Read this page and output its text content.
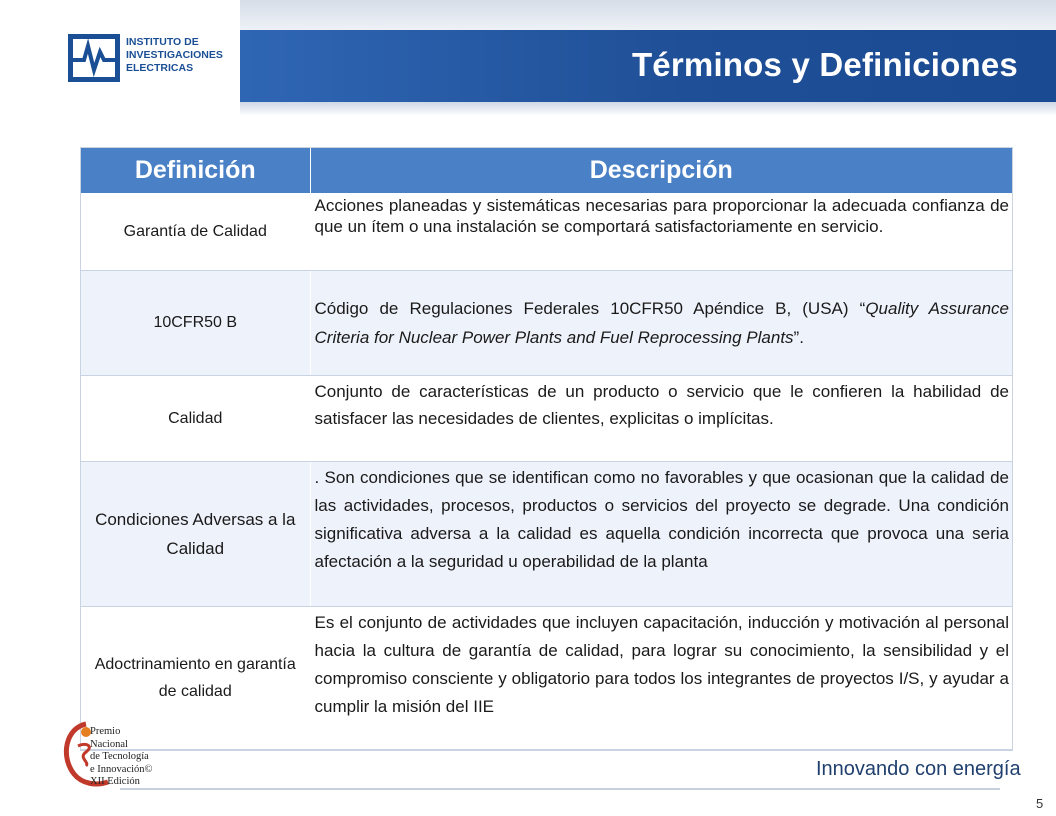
INSTITUTO DE
INVESTIGACIONES
ELECTRICAS	Términos y Definiciones
Definición	Descripción
Garantía de Calidad	Acciones planeadas y sistemáticas necesarias para proporcionar la adecuada confianza de que un ítem o una instalación se comportará satisfactoriamente en servicio.
10CFR50 B	Código de Regulaciones Federales 10CFR50 Apéndice B, (USA) “Quality Assurance Criteria for Nuclear Power Plants and Fuel Reprocessing Plants”.
Calidad	Conjunto de características de un producto o servicio que le confieren la habilidad de satisfacer las necesidades de clientes, explicitas o implícitas.
Condiciones Adversas a la Calidad	. Son condiciones que se identifican como no favorables y que ocasionan que la calidad de las actividades, procesos, productos o servicios del proyecto se degrade. Una condición significativa adversa a la calidad es aquella condición incorrecta que provoca una seria afectación a la seguridad u operabilidad de la planta
Adoctrinamiento en garantía de calidad	Es el conjunto de actividades que incluyen capacitación, inducción y motivación al personal hacia la cultura de garantía de calidad, para lograr su conocimiento, la sensibilidad y el compromiso consciente y obligatorio para todos los integrantes de proyectos I/S, y ayudar a cumplir la misión del IIE
Premio
Nacional
de Tecnología
e Innovación©
XII Edición
Innovando con energía
5
